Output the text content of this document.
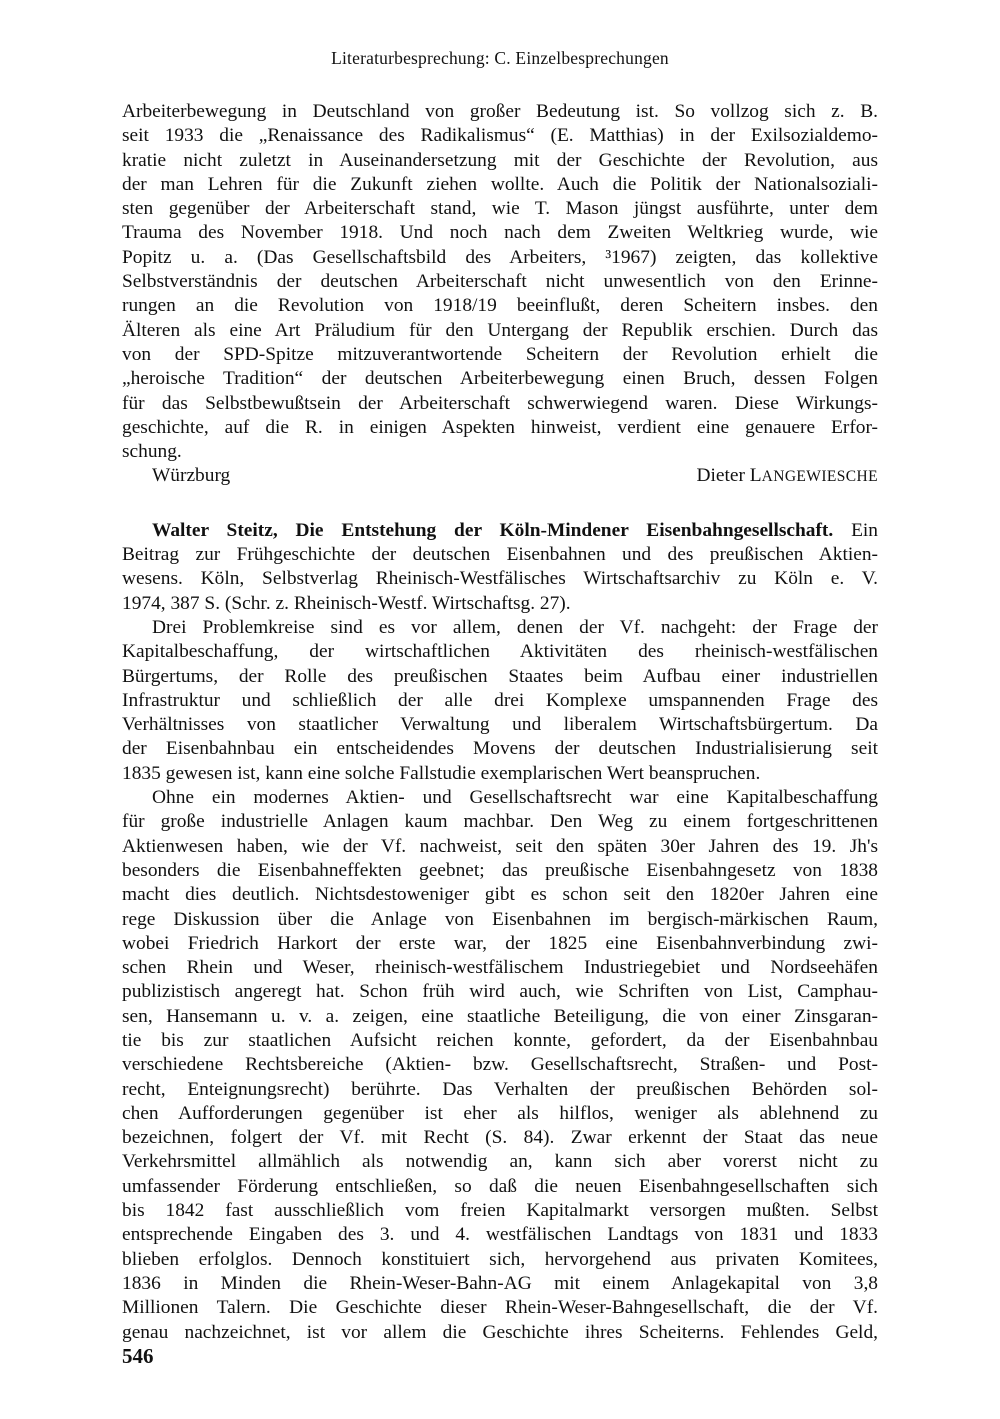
Literaturbesprechung: C. Einzelbesprechungen
Arbeiterbewegung in Deutschland von großer Bedeutung ist. So vollzog sich z. B.
seit 1933 die „Renaissance des Radikalismus“ (E. Matthias) in der Exilsozialdemo-
kratie nicht zuletzt in Auseinandersetzung mit der Geschichte der Revolution, aus
der man Lehren für die Zukunft ziehen wollte. Auch die Politik der Nationalsoziali-
sten gegenüber der Arbeiterschaft stand, wie T. Mason jüngst ausführte, unter dem
Trauma des November 1918. Und noch nach dem Zweiten Weltkrieg wurde, wie
Popitz u. a. (Das Gesellschaftsbild des Arbeiters, ³1967) zeigten, das kollektive
Selbstverständnis der deutschen Arbeiterschaft nicht unwesentlich von den Erinne-
rungen an die Revolution von 1918/19 beeinflußt, deren Scheitern insbes. den
Älteren als eine Art Präludium für den Untergang der Republik erschien. Durch das
von der SPD-Spitze mitzuverantwortende Scheitern der Revolution erhielt die
„heroische Tradition“ der deutschen Arbeiterbewegung einen Bruch, dessen Folgen
für das Selbstbewußtsein der Arbeiterschaft schwerwiegend waren. Diese Wirkungs-
geschichte, auf die R. in einigen Aspekten hinweist, verdient eine genauere Erfor-
schung.
Würzburg	Dieter LANGEWIESCHE
Walter Steitz, Die Entstehung der Köln-Mindener Eisenbahngesellschaft. Ein
Beitrag zur Frühgeschichte der deutschen Eisenbahnen und des preußischen Aktien-
wesens. Köln, Selbstverlag Rheinisch-Westfälisches Wirtschaftsarchiv zu Köln e. V.
1974, 387 S. (Schr. z. Rheinisch-Westf. Wirtschaftsg. 27).
Drei Problemkreise sind es vor allem, denen der Vf. nachgeht: der Frage der
Kapitalbeschaffung, der wirtschaftlichen Aktivitäten des rheinisch-westfälischen
Bürgertums, der Rolle des preußischen Staates beim Aufbau einer industriellen
Infrastruktur und schließlich der alle drei Komplexe umspannenden Frage des
Verhältnisses von staatlicher Verwaltung und liberalem Wirtschaftsbürgertum. Da
der Eisenbahnbau ein entscheidendes Movens der deutschen Industrialisierung seit
1835 gewesen ist, kann eine solche Fallstudie exemplarischen Wert beanspruchen.
Ohne ein modernes Aktien- und Gesellschaftsrecht war eine Kapitalbeschaffung
für große industrielle Anlagen kaum machbar. Den Weg zu einem fortgeschrittenen
Aktienwesen haben, wie der Vf. nachweist, seit den späten 30er Jahren des 19. Jh's
besonders die Eisenbahneffekten geebnet; das preußische Eisenbahngesetz von 1838
macht dies deutlich. Nichtsdestoweniger gibt es schon seit den 1820er Jahren eine
rege Diskussion über die Anlage von Eisenbahnen im bergisch-märkischen Raum,
wobei Friedrich Harkort der erste war, der 1825 eine Eisenbahnverbindung zwi-
schen Rhein und Weser, rheinisch-westfälischem Industriegebiet und Nordseehäfen
publizistisch angeregt hat. Schon früh wird auch, wie Schriften von List, Camphau-
sen, Hansemann u. v. a. zeigen, eine staatliche Beteiligung, die von einer Zinsgaran-
tie bis zur staatlichen Aufsicht reichen konnte, gefordert, da der Eisenbahnbau
verschiedene Rechtsbereiche (Aktien- bzw. Gesellschaftsrecht, Straßen- und Post-
recht, Enteignungsrecht) berührte. Das Verhalten der preußischen Behörden sol-
chen Aufforderungen gegenüber ist eher als hilflos, weniger als ablehnend zu
bezeichnen, folgert der Vf. mit Recht (S. 84). Zwar erkennt der Staat das neue
Verkehrsmittel allmählich als notwendig an, kann sich aber vorerst nicht zu
umfassender Förderung entschließen, so daß die neuen Eisenbahngesellschaften sich
bis 1842 fast ausschließlich vom freien Kapitalmarkt versorgen mußten. Selbst
entsprechende Eingaben des 3. und 4. westfälischen Landtags von 1831 und 1833
blieben erfolglos. Dennoch konstituiert sich, hervorgehend aus privaten Komitees,
1836 in Minden die Rhein-Weser-Bahn-AG mit einem Anlagekapital von 3,8
Millionen Talern. Die Geschichte dieser Rhein-Weser-Bahngesellschaft, die der Vf.
genau nachzeichnet, ist vor allem die Geschichte ihres Scheiterns. Fehlendes Geld,
546
